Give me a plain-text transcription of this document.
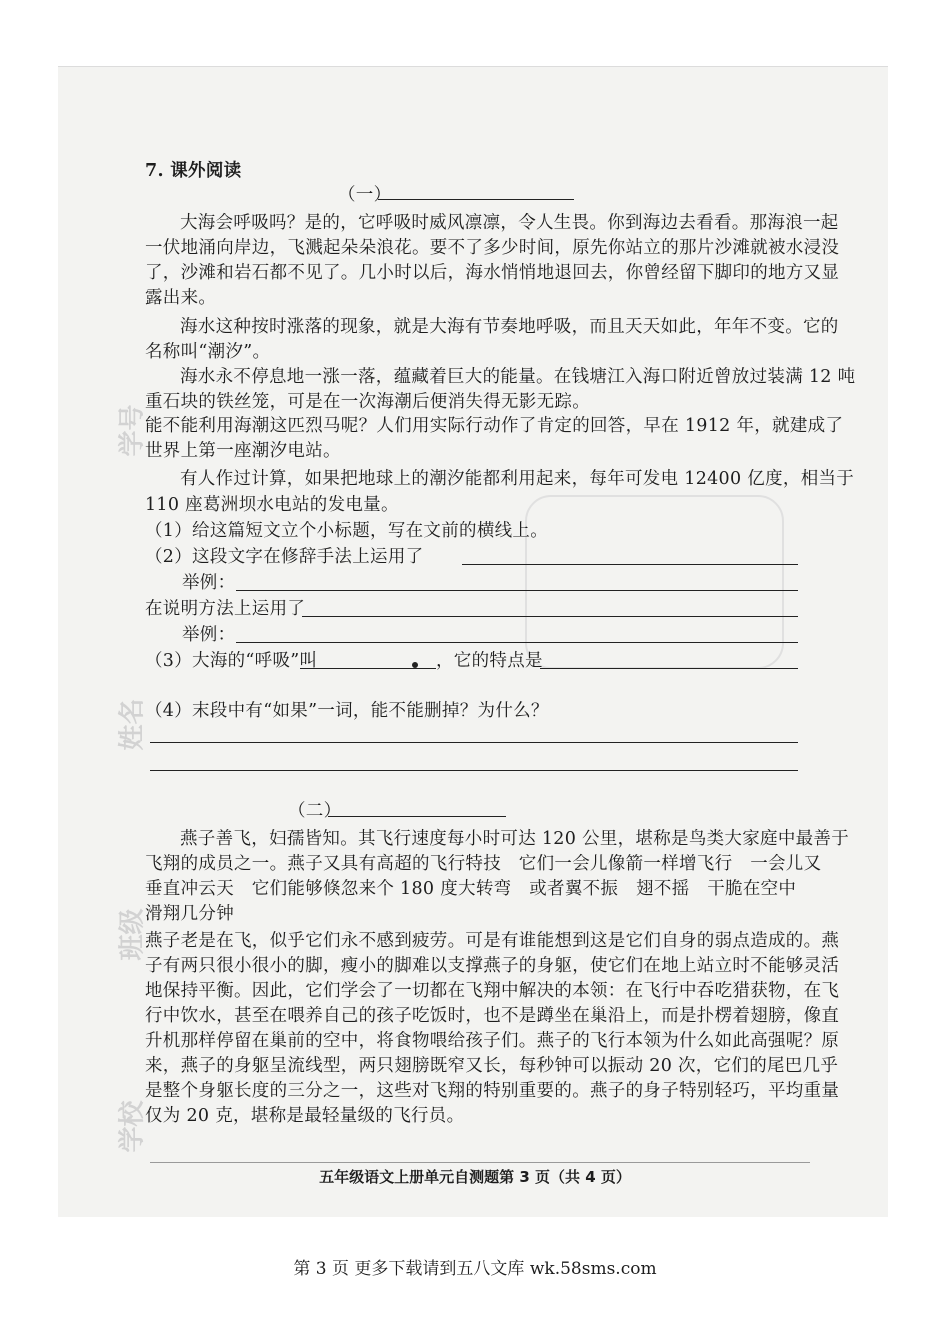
学号
姓名
班级
学校
7. 课外阅读
（一）
大海会呼吸吗？是的，它呼吸时威风凛凛，令人生畏。你到海边去看看。那海浪一起
一伏地涌向岸边，飞溅起朵朵浪花。要不了多少时间，原先你站立的那片沙滩就被水浸没
了，沙滩和岩石都不见了。几小时以后，海水悄悄地退回去，你曾经留下脚印的地方又显
露出来。
海水这种按时涨落的现象，就是大海有节奏地呼吸，而且天天如此，年年不变。它的
名称叫“潮汐”。
海水永不停息地一涨一落，蕴藏着巨大的能量。在钱塘江入海口附近曾放过装满 12 吨
重石块的铁丝笼，可是在一次海潮后便消失得无影无踪。
能不能利用海潮这匹烈马呢？人们用实际行动作了肯定的回答，早在 1912 年，就建成了
世界上第一座潮汐电站。
有人作过计算，如果把地球上的潮汐能都利用起来，每年可发电 12400 亿度，相当于
110 座葛洲坝水电站的发电量。
（1）给这篇短文立个小标题，写在文前的横线上。
（2）这段文字在修辞手法上运用了
举例：
在说明方法上运用了
举例：
（3）大海的“呼吸”叫	，它的特点是
（4）末段中有“如果”一词，能不能删掉？为什么？
（二）
燕子善飞，妇孺皆知。其飞行速度每小时可达 120 公里，堪称是鸟类大家庭中最善于
飞翔的成员之一。燕子又具有高超的飞行特技　它们一会儿像箭一样增飞行　一会儿又
垂直冲云天　它们能够倏忽来个 180 度大转弯　或者翼不振　翅不摇　干脆在空中
滑翔几分钟
燕子老是在飞，似乎它们永不感到疲劳。可是有谁能想到这是它们自身的弱点造成的。燕
子有两只很小很小的脚，瘦小的脚难以支撑燕子的身躯，使它们在地上站立时不能够灵活
地保持平衡。因此，它们学会了一切都在飞翔中解决的本领：在飞行中吞吃猎获物，在飞
行中饮水，甚至在喂养自己的孩子吃饭时，也不是蹲坐在巢沿上，而是扑楞着翅膀，像直
升机那样停留在巢前的空中，将食物喂给孩子们。燕子的飞行本领为什么如此高强呢？原
来，燕子的身躯呈流线型，两只翅膀既窄又长，每秒钟可以振动 20 次，它们的尾巴几乎
是整个身躯长度的三分之一，这些对飞翔的特别重要的。燕子的身子特别轻巧，平均重量
仅为 20 克，堪称是最轻量级的飞行员。
五年级语文上册单元自测题第 3 页（共 4 页）
第 3 页 更多下载请到五八文库 wk.58sms.com
